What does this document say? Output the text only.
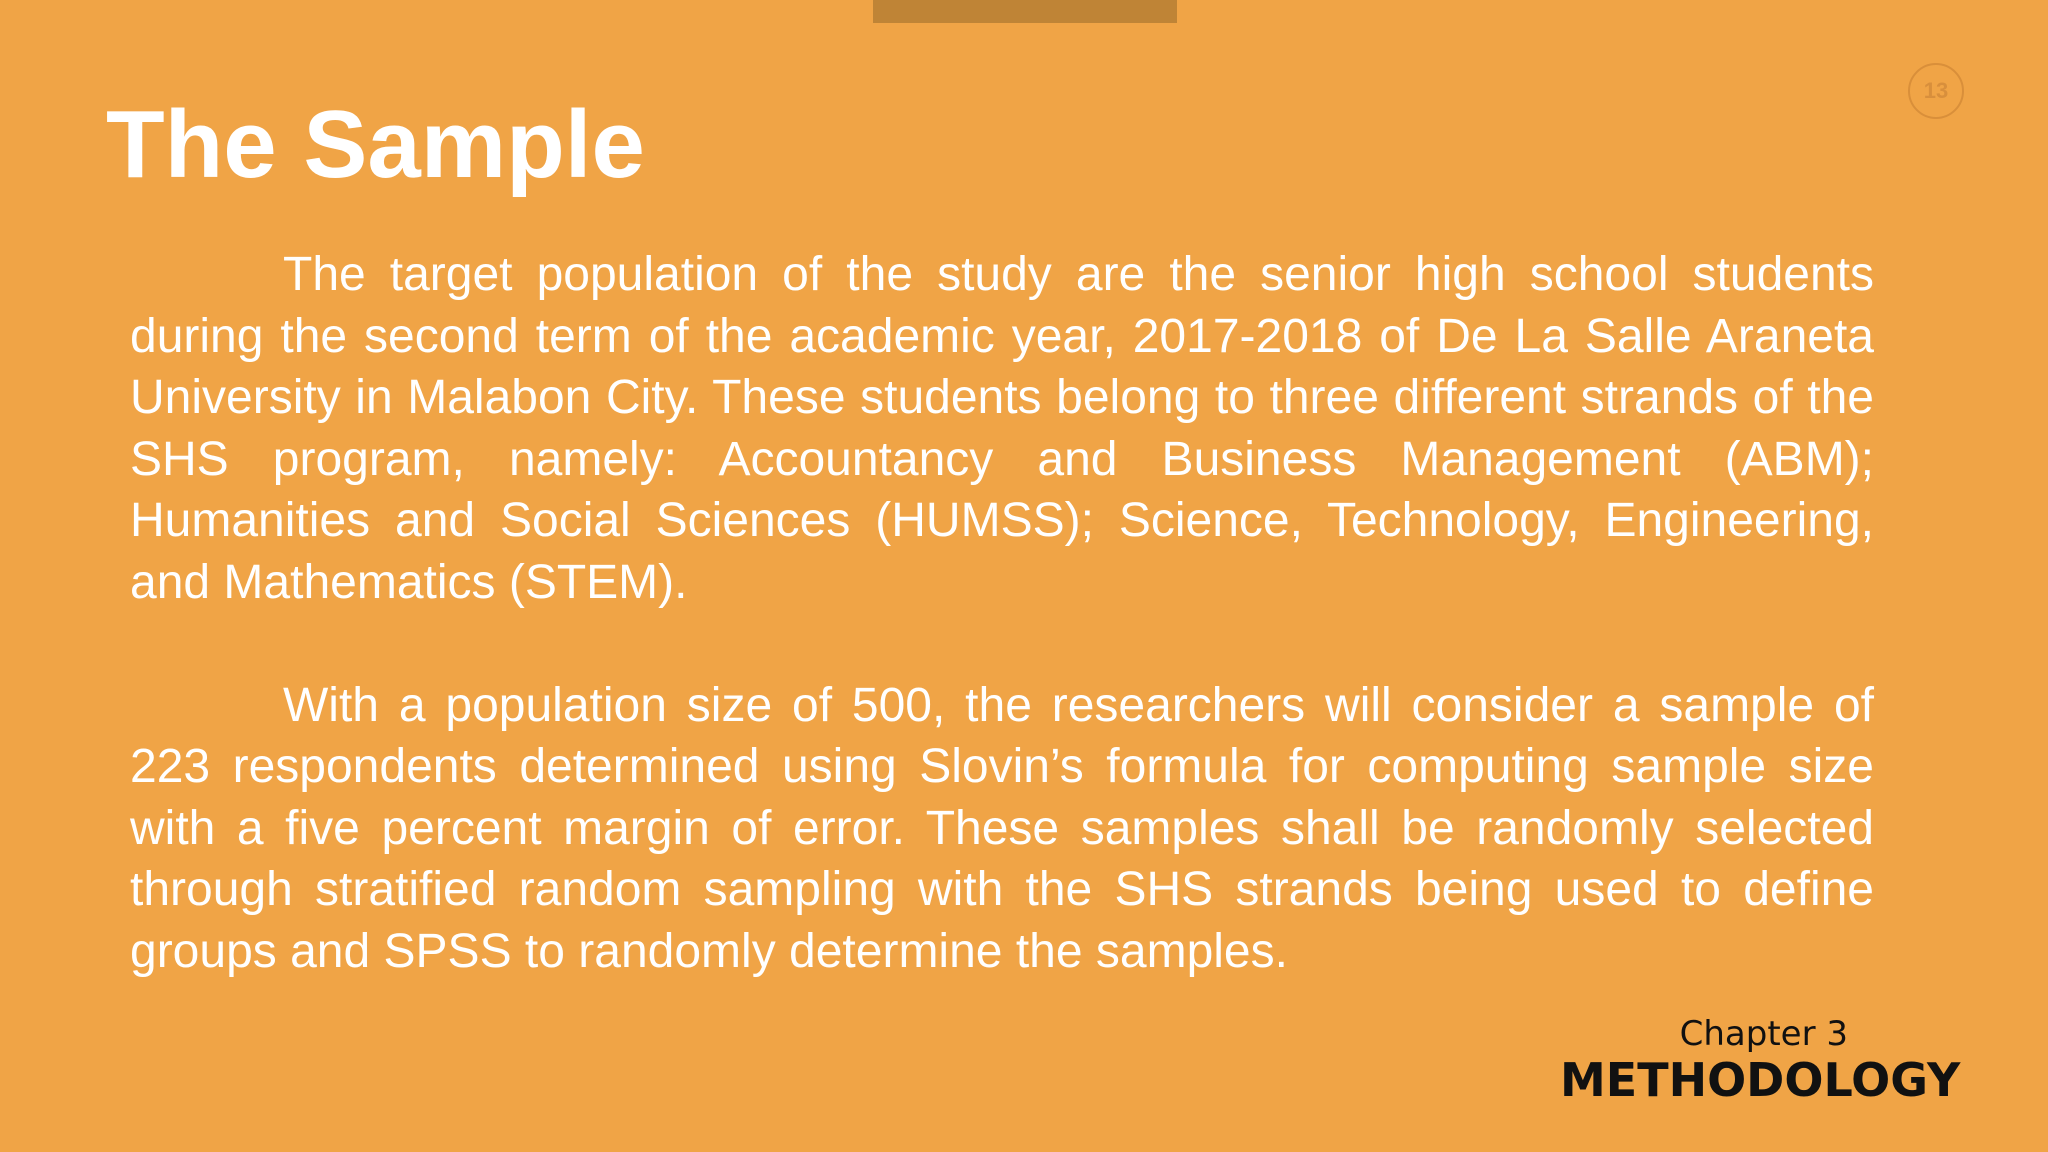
13
The Sample

The target population of the study are the senior high school students during the second term of the academic year, 2017-2018 of De La Salle Araneta University in Malabon City. These students belong to three different strands of the SHS program, namely: Accountancy and Business Management (ABM); Humanities and Social Sciences (HUMSS); Science, Technology, Engineering, and Mathematics (STEM).

With a population size of 500, the researchers will consider a sample of 223 respondents determined using Slovin’s formula for computing sample size with a five percent margin of error. These samples shall be randomly selected through stratified random sampling with the SHS strands being used to define groups and SPSS to randomly determine the samples.

Chapter 3
METHODOLOGY
